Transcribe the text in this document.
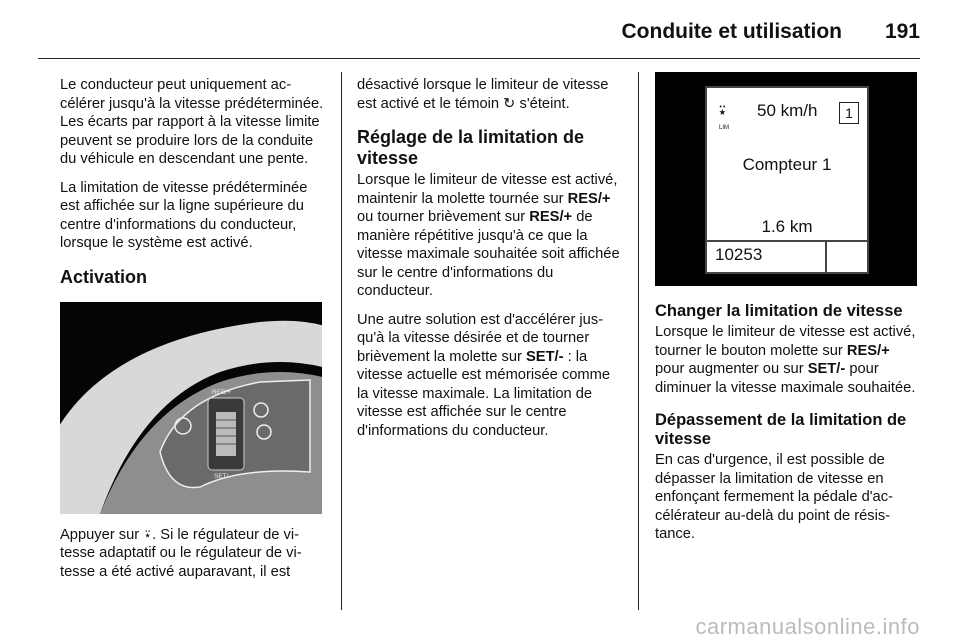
Conduite et utilisation 191

Le conducteur peut uniquement accélérer jusqu'à la vitesse prédéterminée. Les écarts par rapport à la vitesse limite peuvent se produire lors de la conduite du véhicule en descendant une pente.

La limitation de vitesse prédéterminée est affichée sur la ligne supérieure du centre d'informations du conducteur, lorsque le système est activé.

Activation
RES/+
SET/-

Appuyer sur ⍣. Si le régulateur de vitesse adaptatif ou le régulateur de vitesse a été activé auparavant, il est

désactivé lorsque le limiteur de vitesse est activé et le témoin ↻ s'éteint.

Réglage de la limitation de vitesse

Lorsque le limiteur de vitesse est activé, maintenir la molette tournée sur RES/+ ou tourner brièvement sur RES/+ de manière répétitive jusqu'à ce que la vitesse maximale souhaitée soit affichée sur le centre d'informations du conducteur.

Une autre solution est d'accélérer jusqu'à la vitesse désirée et de tourner brièvement la molette sur SET/- : la vitesse actuelle est mémorisée comme la vitesse maximale. La limitation de vitesse est affichée sur le centre d'informations du conducteur.

⍣
LIM
50 km/h	1
Compteur 1
1.6 km
10253
Changer la limitation de vitesse

Lorsque le limiteur de vitesse est activé, tourner le bouton molette sur RES/+ pour augmenter ou sur SET/- pour diminuer la vitesse maximale souhaitée.

Dépassement de la limitation de vitesse

En cas d'urgence, il est possible de dépasser la limitation de vitesse en enfonçant fermement la pédale d'accélérateur au-delà du point de résistance.

carmanualsonline.info
